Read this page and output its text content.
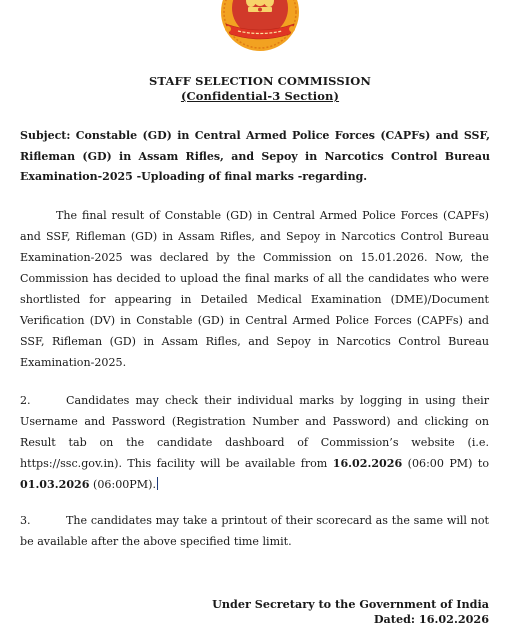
STAFF SELECTION COMMISSION
(Confidential-3 Section)

Subject: Constable (GD) in Central Armed Police Forces (CAPFs) and SSF, Rifleman (GD) in Assam Rifles, and Sepoy in Narcotics Control Bureau Examination-2025 -Uploading of final marks -regarding.

The final result of Constable (GD) in Central Armed Police Forces (CAPFs) and SSF, Rifleman (GD) in Assam Rifles, and Sepoy in Narcotics Control Bureau Examination-2025 was declared by the Commission on 15.01.2026. Now, the Commission has decided to upload the final marks of all the candidates who were shortlisted for appearing in Detailed Medical Examination (DME)/Document Verification (DV) in Constable (GD) in Central Armed Police Forces (CAPFs) and SSF, Rifleman (GD) in Assam Rifles, and Sepoy in Narcotics Control Bureau Examination-2025.

2.	Candidates may check their individual marks by logging in using their Username and Password (Registration Number and Password) and clicking on Result tab on the candidate dashboard of Commission’s website (i.e. https://ssc.gov.in). This facility will be available from 16.02.2026 (06:00 PM) to 01.03.2026 (06:00PM).

3.	The candidates may take a printout of their scorecard as the same will not be available after the above specified time limit.

Under Secretary to the Government of India
Dated: 16.02.2026
